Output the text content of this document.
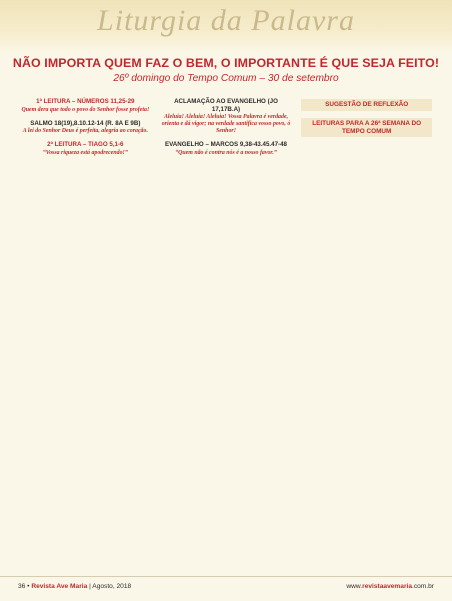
Liturgia da Palavra
NÃO IMPORTA QUEM FAZ O BEM, O IMPORTANTE É QUE SEJA FEITO!
26º domingo do Tempo Comum – 30 de setembro
1ª LEITURA – NÚMEROS 11,25-29
Quem dera que todo o povo do Senhor fosse profeta!
SALMO 18(19),8.10.12-14 (R. 8A E 9B)
A lei do Senhor Deus é perfeita, alegria ao coração.
2ª LEITURA – TIAGO 5,1-6
“Vossa riqueza está apodrecendo!”
ACLAMAÇÃO AO EVANGELHO (JO 17,17B.A)
Aleluia! Aleluia! Aleluia! Vossa Palavra é verdade, orienta e dá vigor; na verdade santifica vosso povo, ó Senhor!
EVANGELHO – MARCOS 9,38-43.45.47-48
“Quem não é contra nós é a nosso favor.”
SUGESTÃO DE REFLEXÃO
LEITURAS PARA A 26ª SEMANA DO TEMPO COMUM
36 • Revista Ave Maria | Agosto, 2018	www.revistaavemaria.com.br
